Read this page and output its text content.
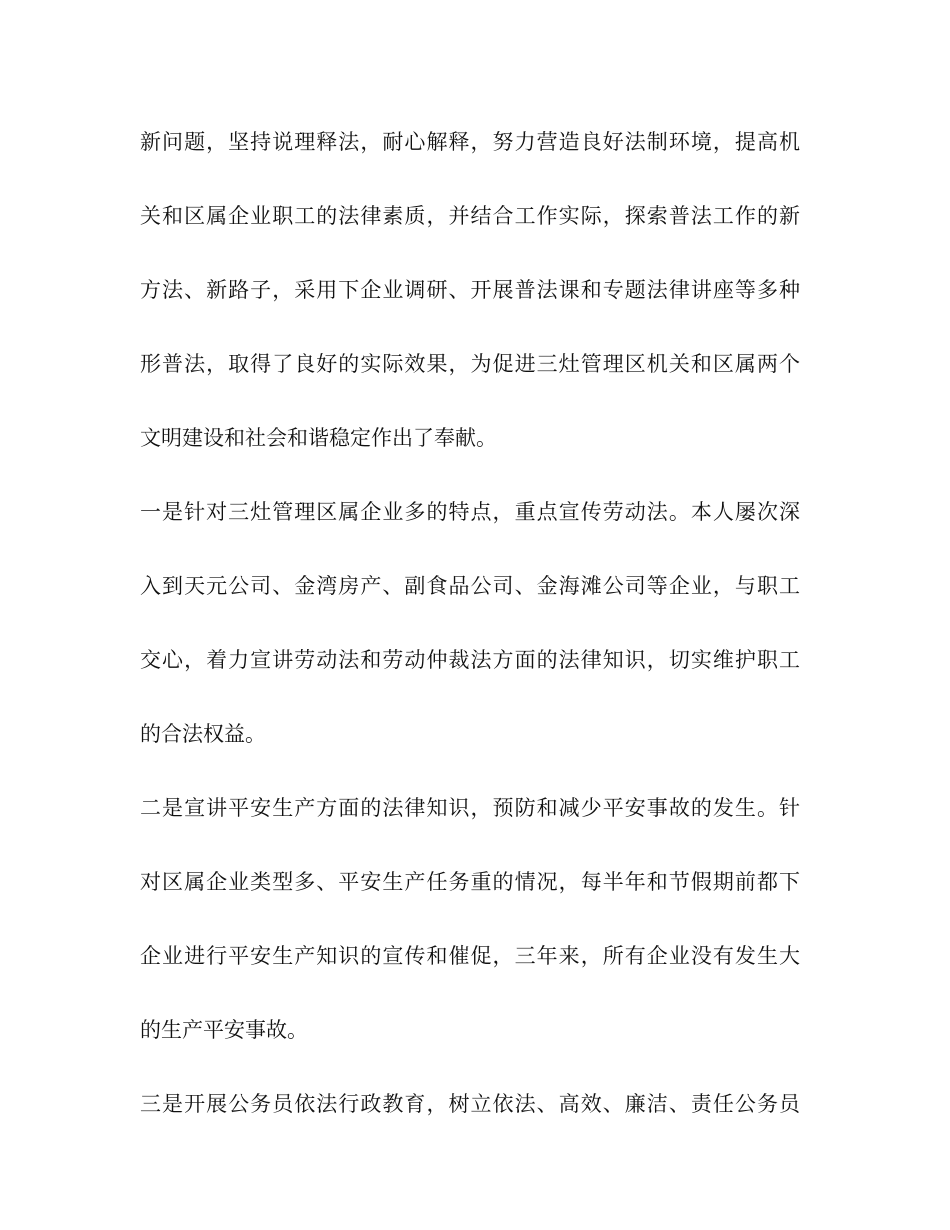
新问题，坚持说理释法，耐心解释，努力营造良好法制环境，提高机
关和区属企业职工的法律素质，并结合工作实际，探索普法工作的新
方法、新路子，采用下企业调研、开展普法课和专题法律讲座等多种
形普法，取得了良好的实际效果，为促进三灶管理区机关和区属两个
文明建设和社会和谐稳定作出了奉献。
一是针对三灶管理区属企业多的特点，重点宣传劳动法。本人屡次深
入到天元公司、金湾房产、副食品公司、金海滩公司等企业，与职工
交心，着力宣讲劳动法和劳动仲裁法方面的法律知识，切实维护职工
的合法权益。
二是宣讲平安生产方面的法律知识，预防和减少平安事故的发生。针
对区属企业类型多、平安生产任务重的情况，每半年和节假期前都下
企业进行平安生产知识的宣传和催促，三年来，所有企业没有发生大
的生产平安事故。
三是开展公务员依法行政教育，树立依法、高效、廉洁、责任公务员
